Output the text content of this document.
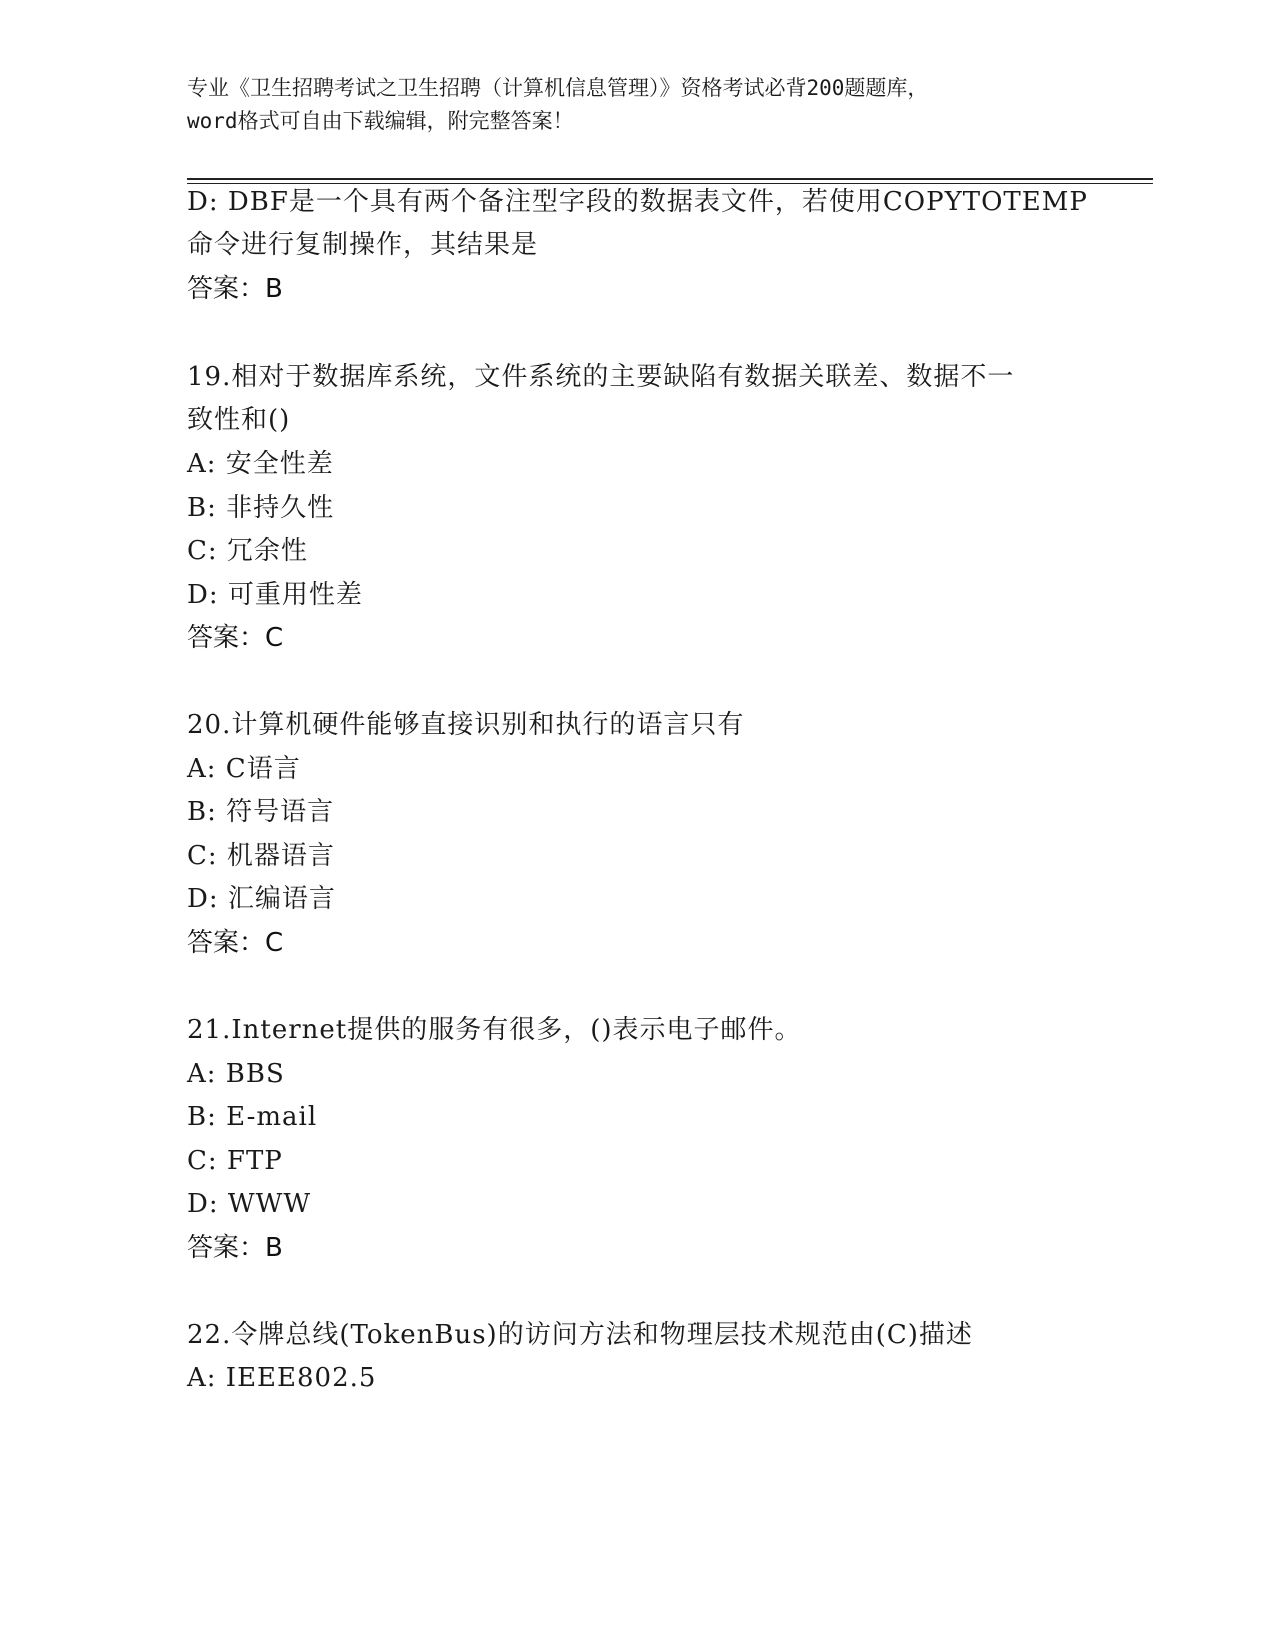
专业《卫生招聘考试之卫生招聘（计算机信息管理）》资格考试必背200题题库，
word格式可自由下载编辑，附完整答案！
D: DBF是一个具有两个备注型字段的数据表文件，若使用COPYTOTEMP
命令进行复制操作，其结果是
答案：B
19.相对于数据库系统，文件系统的主要缺陷有数据关联差、数据不一
致性和()
A: 安全性差
B: 非持久性
C: 冗余性
D: 可重用性差
答案：C
20.计算机硬件能够直接识别和执行的语言只有
A: C语言
B: 符号语言
C: 机器语言
D: 汇编语言
答案：C
21.Internet提供的服务有很多，()表示电子邮件。
A: BBS
B: E-mail
C: FTP
D: WWW
答案：B
22.令牌总线(TokenBus)的访问方法和物理层技术规范由(C)描述
A: IEEE802.5
